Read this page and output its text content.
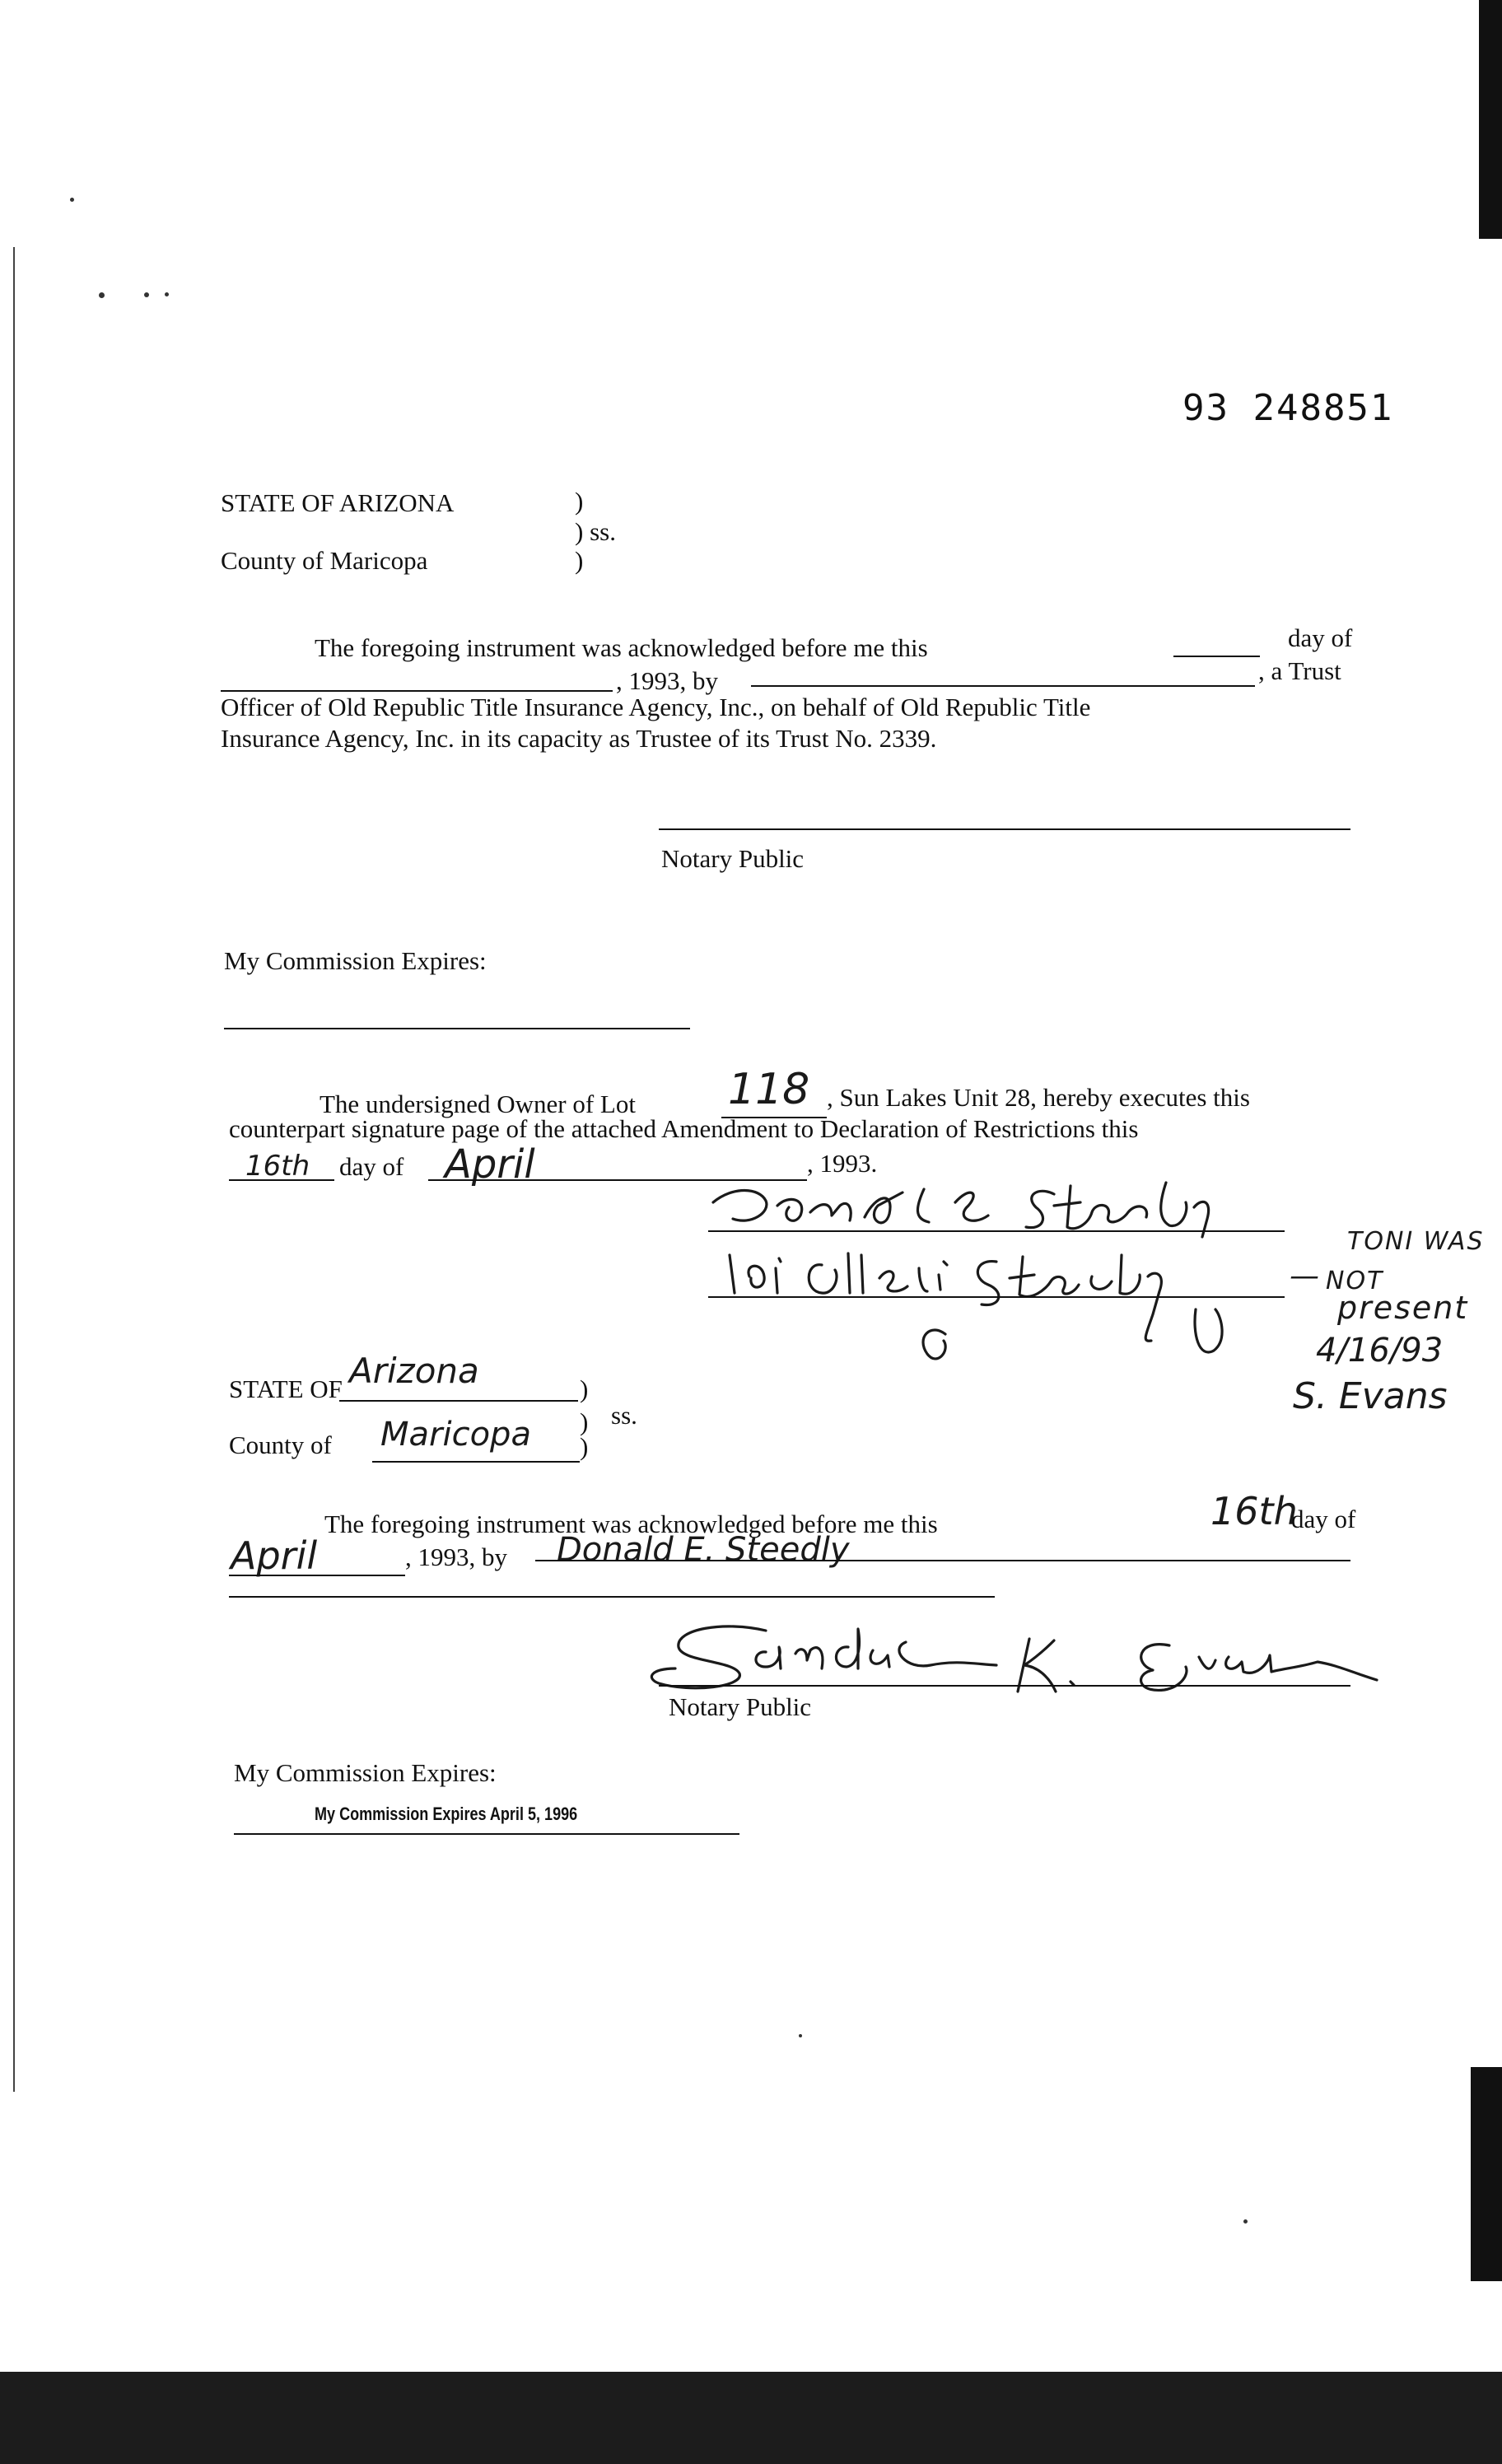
93 248851
STATE OF ARIZONA	)
) ss.
County of Maricopa	)
The foregoing instrument was acknowledged before me this	day of
, 1993, by	, a Trust
Officer of Old Republic Title Insurance Agency, Inc., on behalf of Old Republic Title
Insurance Agency, Inc. in its capacity as Trustee of its Trust No. 2339.
Notary Public
My Commission Expires:
The undersigned Owner of Lot 118 , Sun Lakes Unit 28, hereby executes this
counterpart signature page of the attached Amendment to Declaration of Restrictions this
16th day of April	, 1993.
TONI WAS
— NOT
present
4/16/93
S. Evans
STATE OF Arizona	)
) ss.
County of Maricopa )
The foregoing instrument was acknowledged before me this	16th
day of
April	, 1993, by Donald E. Steedly
Notary Public
My Commission Expires:
My Commission Expires April 5, 1996
